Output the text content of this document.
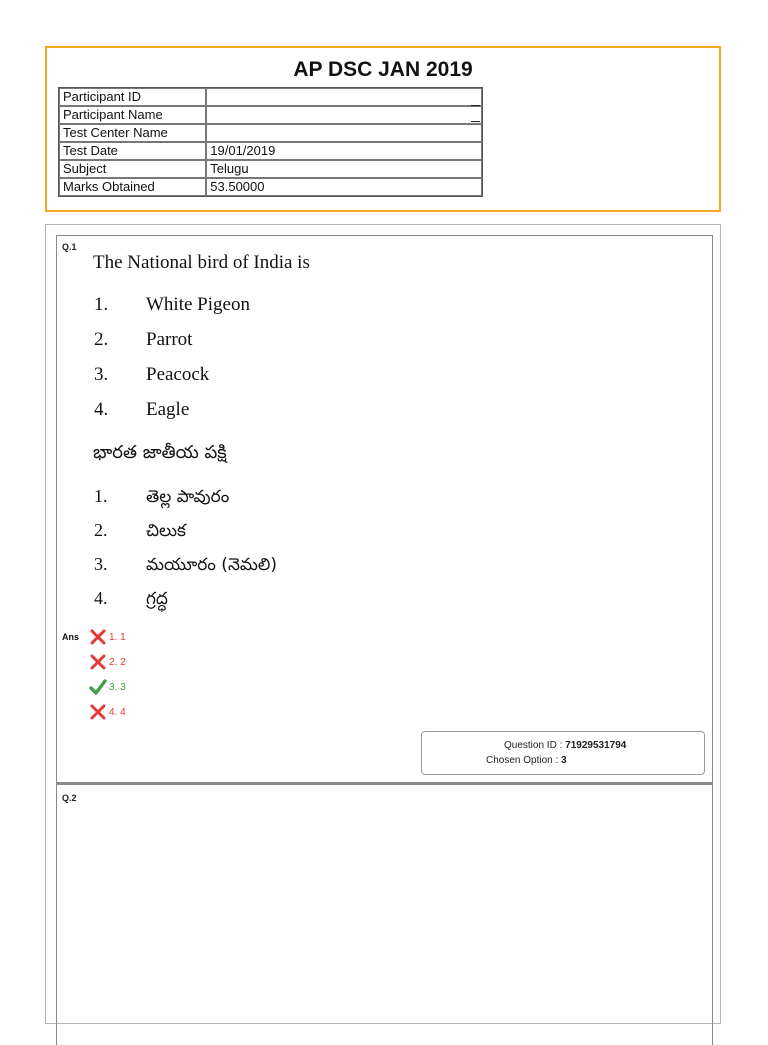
AP DSC JAN 2019
Participant ID	
Participant Name	

Test Center Name	

Test Date	19/01/2019
Subject	Telugu
Marks Obtained	53.50000
Q.1
The National bird of India is
1. White Pigeon
2. Parrot
3. Peacock
4. Eagle
భారత జాతీయ పక్షి
1. తెల్ల పావురం
2. చిలుక
3. మయూరం (నెమలి)
4. గ్రద్ధ
Ans	1. 1
2. 2
3. 3
4. 4
Question ID : 71929531794
Chosen Option : 3
Q.2
